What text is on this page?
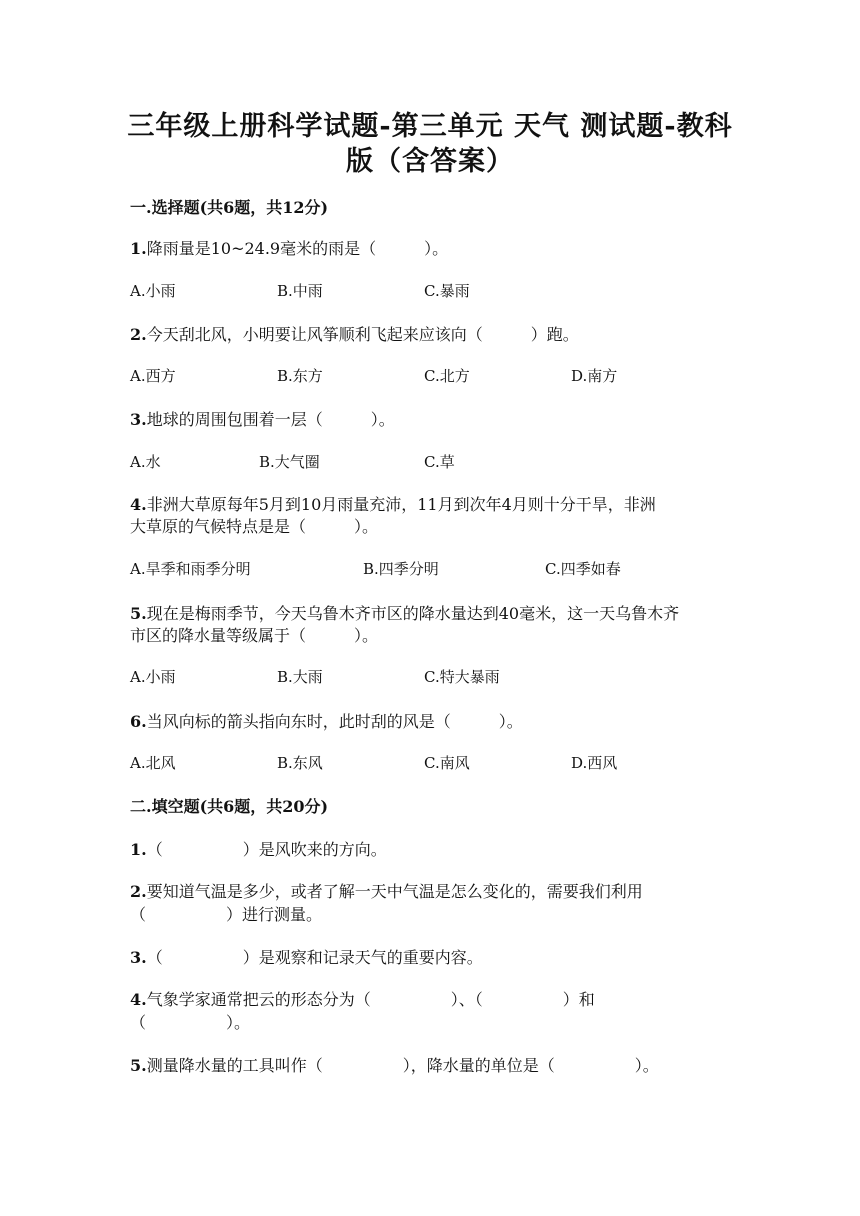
三年级上册科学试题-第三单元 天气 测试题-教科
版（含答案）
一.选择题(共6题，共12分)
1.降雨量是10~24.9毫米的雨是（　　　）。
A.小雨	B.中雨	C.暴雨
2.今天刮北风，小明要让风筝顺利飞起来应该向（　　　）跑。
A.西方	B.东方	C.北方	D.南方
3.地球的周围包围着一层（　　　）。
A.水	B.大气圈	C.草
4.非洲大草原每年5月到10月雨量充沛，11月到次年4月则十分干旱，非洲
大草原的气候特点是是（　　　）。
A.旱季和雨季分明	B.四季分明	C.四季如春
5.现在是梅雨季节，今天乌鲁木齐市区的降水量达到40毫米，这一天乌鲁木齐
市区的降水量等级属于（　　　）。
A.小雨	B.大雨	C.特大暴雨
6.当风向标的箭头指向东时，此时刮的风是（　　　）。
A.北风	B.东风	C.南风	D.西风
二.填空题(共6题，共20分)
1.（　　　　　）是风吹来的方向。
2.要知道气温是多少，或者了解一天中气温是怎么变化的，需要我们利用
（　　　　　）进行测量。
3.（　　　　　）是观察和记录天气的重要内容。
4.气象学家通常把云的形态分为（　　　　　）、（　　　　　）和
（　　　　　）。
5.测量降水量的工具叫作（　　　　　），降水量的单位是（　　　　　）。
